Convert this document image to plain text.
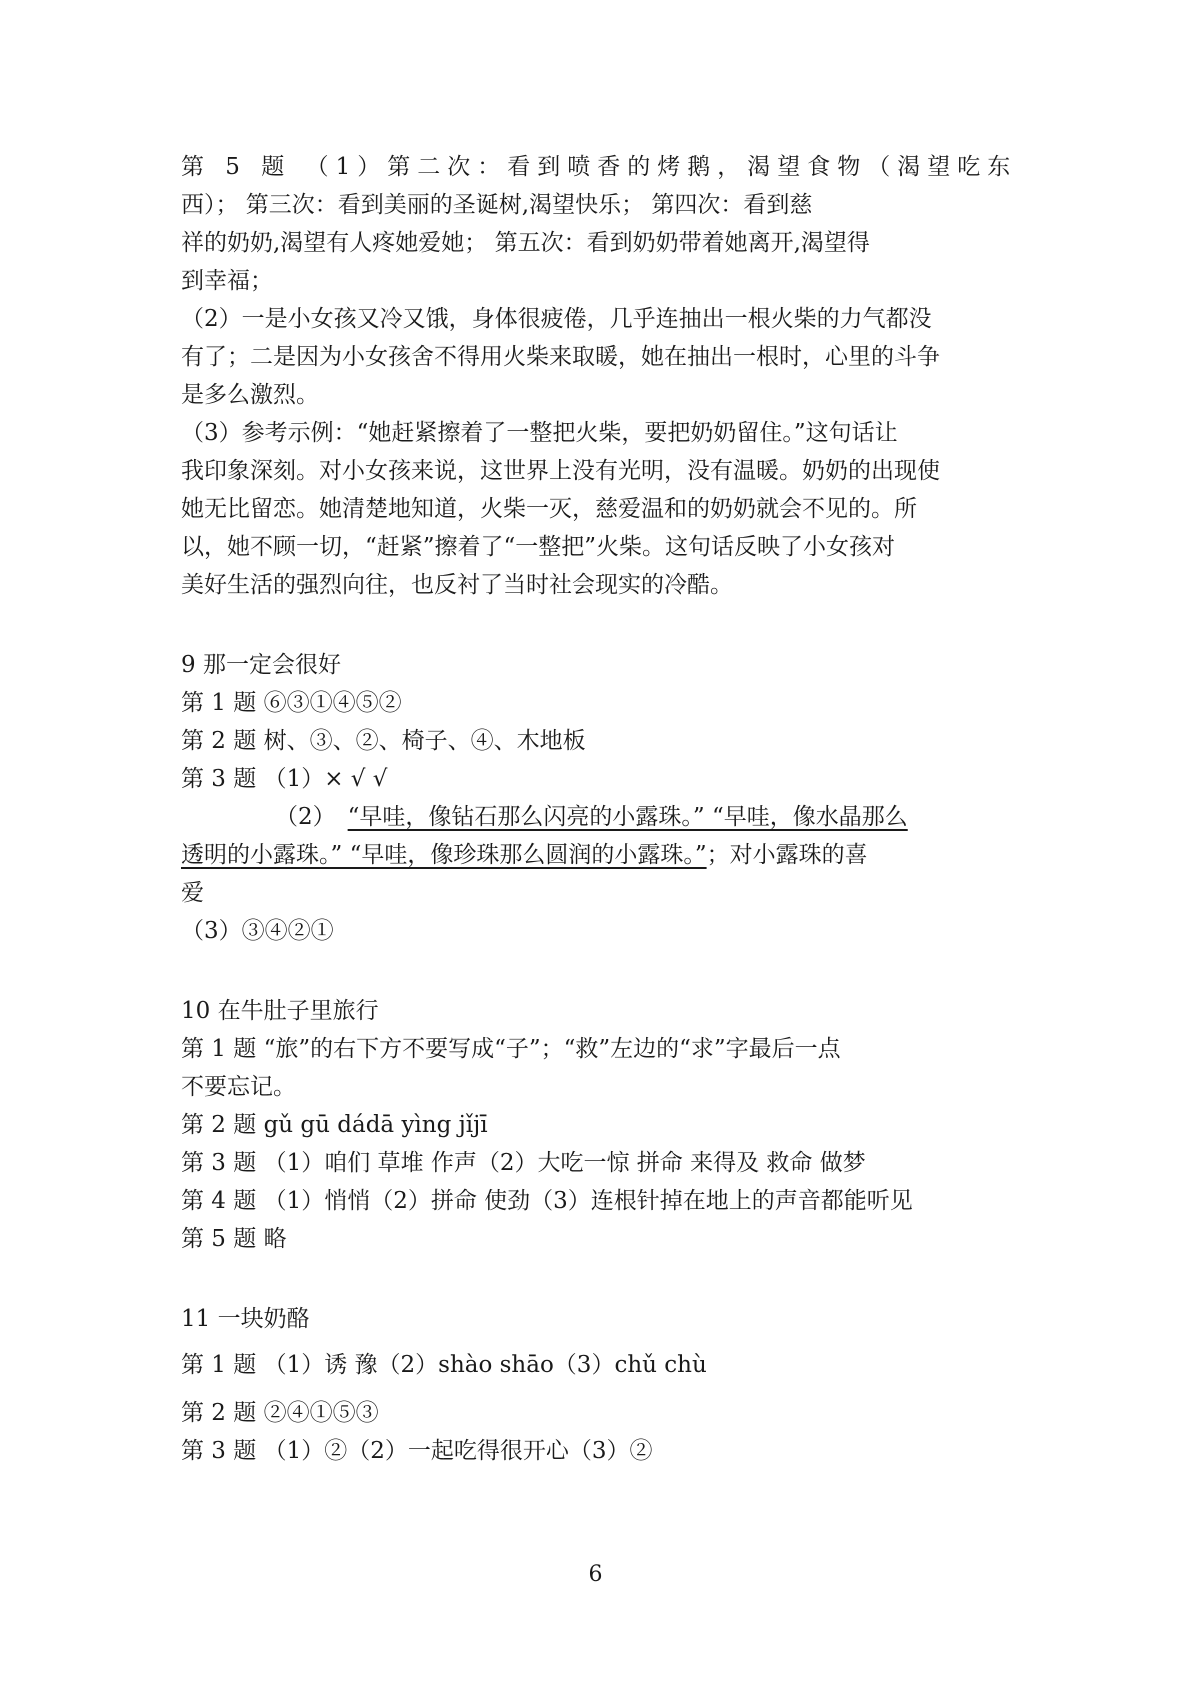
第 5 题 （1）第二次：看到喷香的烤鹅，渴望食物（渴望吃东

西）； 第三次：看到美丽的圣诞树,渴望快乐； 第四次：看到慈

祥的奶奶,渴望有人疼她爱她； 第五次：看到奶奶带着她离开,渴望得

到幸福；

（2）一是小女孩又冷又饿，身体很疲倦，几乎连抽出一根火柴的力气都没

有了；二是因为小女孩舍不得用火柴来取暖，她在抽出一根时，心里的斗争

是多么激烈。

（3）参考示例：“她赶紧擦着了一整把火柴，要把奶奶留住。”这句话让

我印象深刻。对小女孩来说，这世界上没有光明，没有温暖。奶奶的出现使

她无比留恋。她清楚地知道，火柴一灭，慈爱温和的奶奶就会不见的。所

以，她不顾一切，“赶紧”擦着了“一整把”火柴。这句话反映了小女孩对

美好生活的强烈向往，也反衬了当时社会现实的冷酷。

9 那一定会很好

第 1 题 ⑥③①④⑤②

第 2 题 树、③、②、椅子、④、木地板

第 3 题 （1）× √ √

（2） “早哇，像钻石那么闪亮的小露珠。” “早哇，像水晶那么

透明的小露珠。” “早哇，像珍珠那么圆润的小露珠。”；对小露珠的喜

爱

（3）③④②①

10 在牛肚子里旅行

第 1 题 “旅”的右下方不要写成“子”；“救”左边的“求”字最后一点

不要忘记。

第 2 题 gǔ gū dádā yìng jǐjī

第 3 题 （1）咱们 草堆 作声（2）大吃一惊 拼命 来得及 救命 做梦

第 4 题 （1）悄悄（2）拼命 使劲（3）连根针掉在地上的声音都能听见

第 5 题 略

11 一块奶酪

第 1 题 （1）诱 豫（2）shào shāo（3）chǔ chù

第 2 题 ②④①⑤③

第 3 题 （1）②（2）一起吃得很开心（3）②

6
